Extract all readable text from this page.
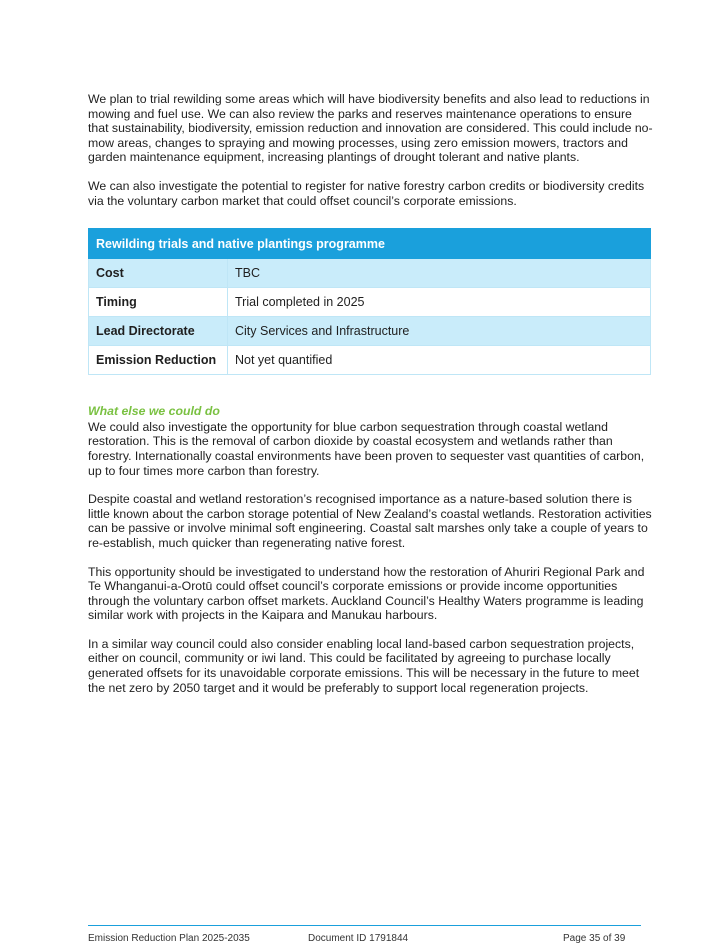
We plan to trial rewilding some areas which will have biodiversity benefits and also lead to reductions in mowing and fuel use. We can also review the parks and reserves maintenance operations to ensure that sustainability, biodiversity, emission reduction and innovation are considered. This could include no-mow areas, changes to spraying and mowing processes, using zero emission mowers, tractors and garden maintenance equipment, increasing plantings of drought tolerant and native plants.

We can also investigate the potential to register for native forestry carbon credits or biodiversity credits via the voluntary carbon market that could offset council’s corporate emissions.

Rewilding trials and native plantings programme	
Cost	TBC
Timing	Trial completed in 2025
Lead Directorate	City Services and Infrastructure
Emission Reduction	Not yet quantified
What else we could do

We could also investigate the opportunity for blue carbon sequestration through coastal wetland restoration. This is the removal of carbon dioxide by coastal ecosystem and wetlands rather than forestry. Internationally coastal environments have been proven to sequester vast quantities of carbon, up to four times more carbon than forestry.

Despite coastal and wetland restoration’s recognised importance as a nature-based solution there is little known about the carbon storage potential of New Zealand’s coastal wetlands. Restoration activities can be passive or involve minimal soft engineering. Coastal salt marshes only take a couple of years to re-establish, much quicker than regenerating native forest.

This opportunity should be investigated to understand how the restoration of Ahuriri Regional Park and Te Whanganui-a-Orotū could offset council’s corporate emissions or provide income opportunities through the voluntary carbon offset markets. Auckland Council’s Healthy Waters programme is leading similar work with projects in the Kaipara and Manukau harbours.

In a similar way council could also consider enabling local land-based carbon sequestration projects, either on council, community or iwi land. This could be facilitated by agreeing to purchase locally generated offsets for its unavoidable corporate emissions. This will be necessary in the future to meet the net zero by 2050 target and it would be preferably to support local regeneration projects.

Emission Reduction Plan 2025-2035	Document ID 1791844	Page 35 of 39
